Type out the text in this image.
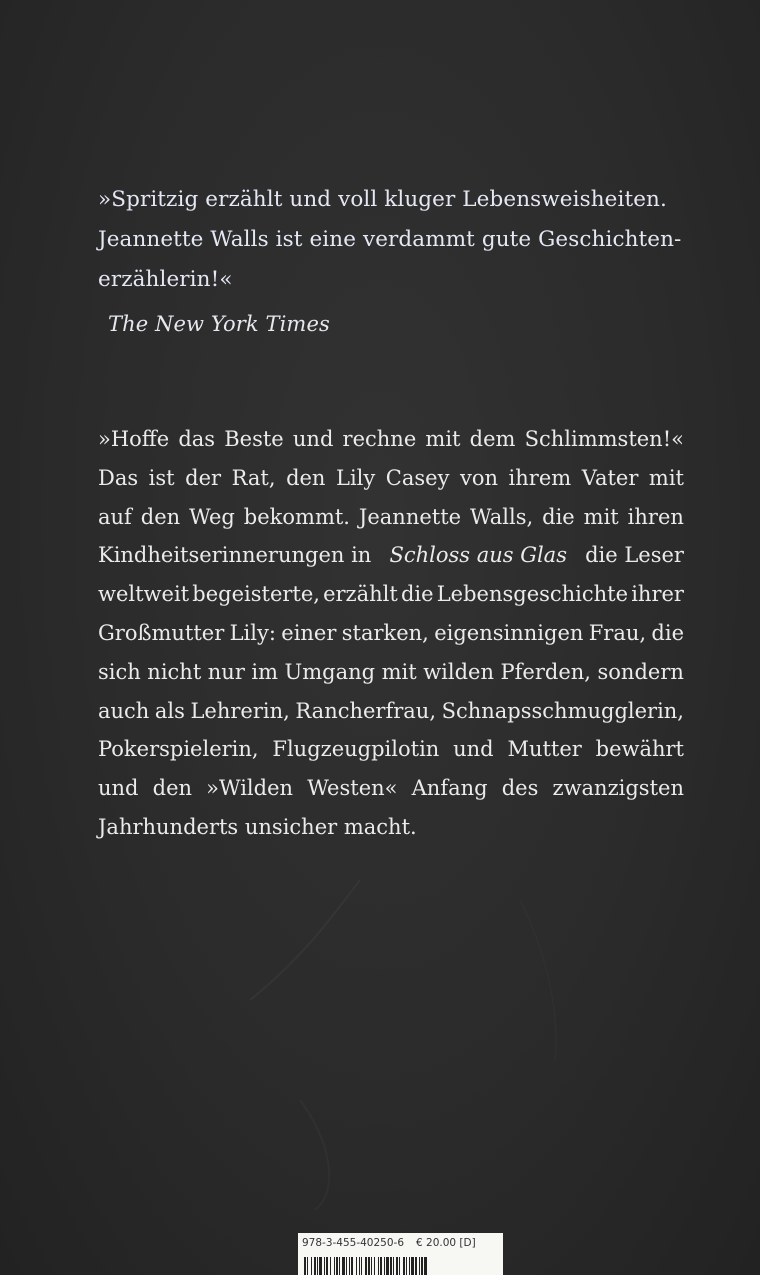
»Spritzig erzählt und voll kluger Lebensweisheiten.
Jeannette Walls ist eine verdammt gute Geschichten-
erzählerin!«
The New York Times
»Hoffe das Beste und rechne mit dem Schlimmsten!«
Das ist der Rat, den Lily Casey von ihrem Vater mit
auf den Weg bekommt. Jeannette Walls, die mit ihren
Kindheitserinnerungen in Schloss aus Glas die Leser
weltweit begeisterte, erzählt die Lebensgeschichte ihrer
Großmutter Lily: einer starken, eigensinnigen Frau, die
sich nicht nur im Umgang mit wilden Pferden, sondern
auch als Lehrerin, Rancherfrau, Schnapsschmugglerin,
Pokerspielerin, Flugzeugpilotin und Mutter bewährt
und den »Wilden Westen« Anfang des zwanzigsten
Jahrhunderts unsicher macht.
978-3-455-40250-6	€ 20.00 [D]
